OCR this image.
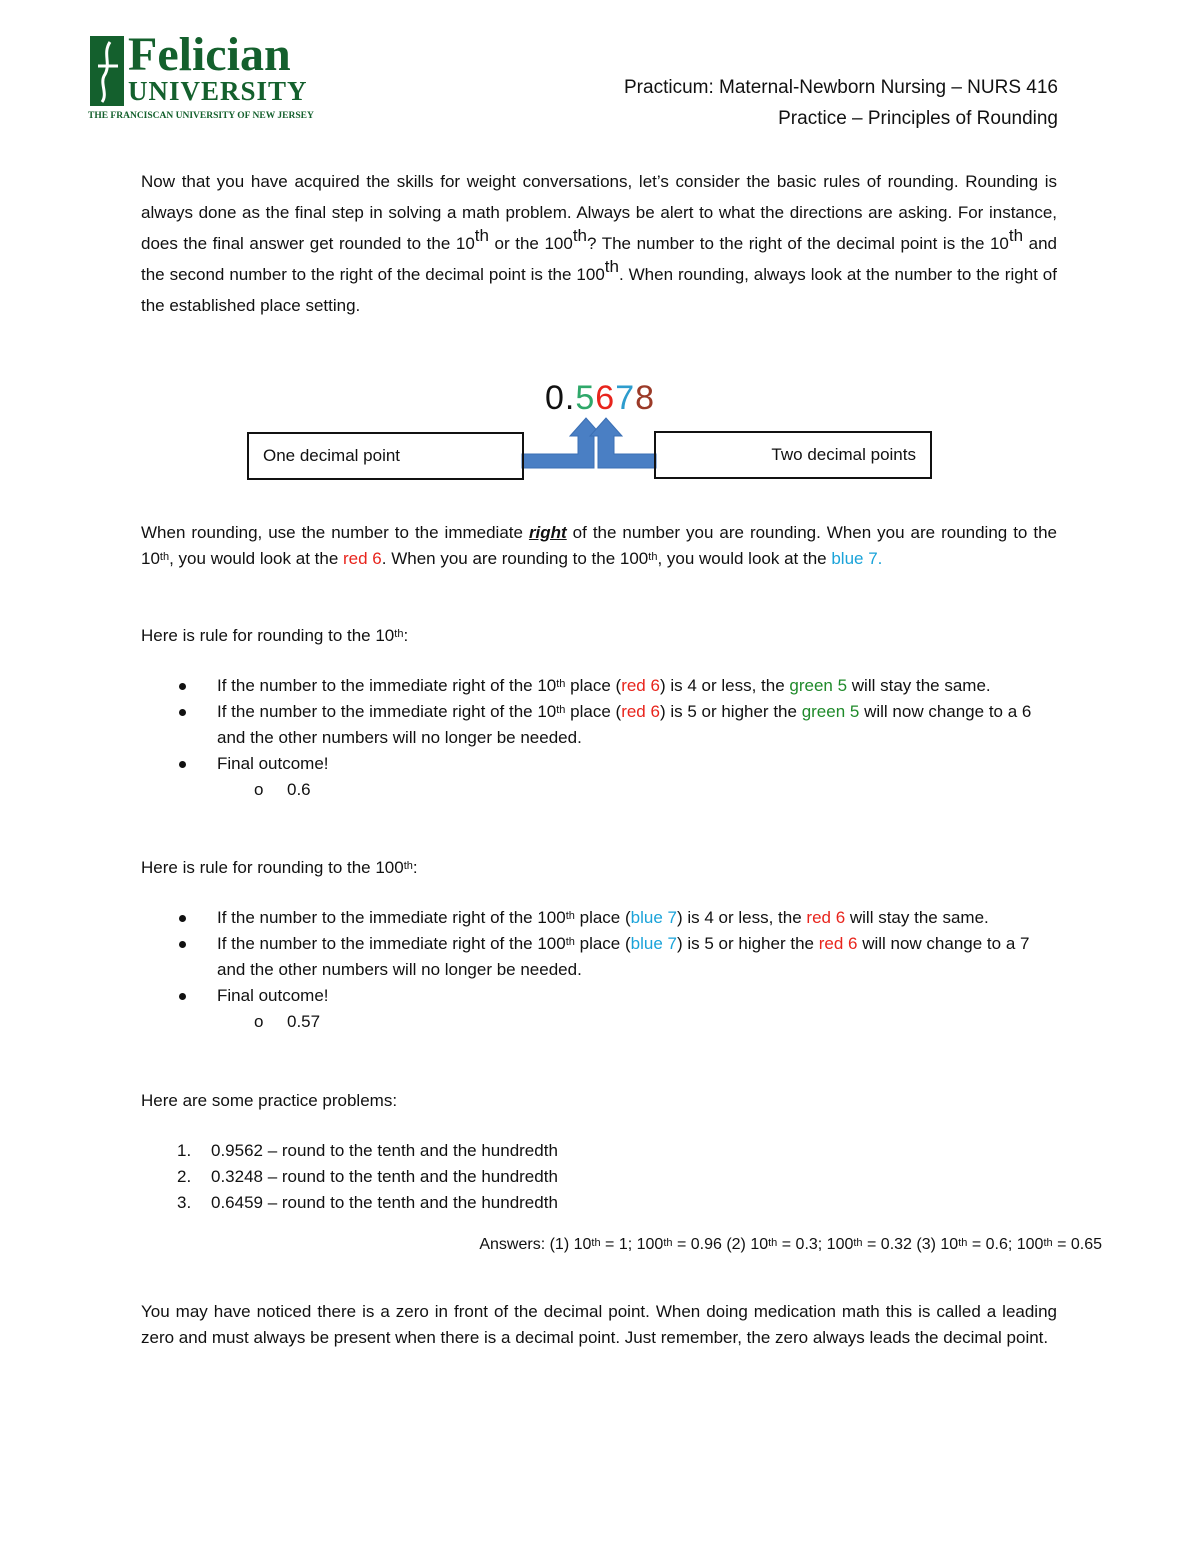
Felician
UNIVERSITY
THE FRANCISCAN UNIVERSITY OF NEW JERSEY
Practicum: Maternal-Newborn Nursing – NURS 416
Practice – Principles of Rounding
Now that you have acquired the skills for weight conversations, let’s consider the basic rules of rounding. Rounding is always done as the final step in solving a math problem. Always be alert to what the directions are asking. For instance, does the final answer get rounded to the 10th or the 100th? The number to the right of the decimal point is the 10th and the second number to the right of the decimal point is the 100th. When rounding, always look at the number to the right of the established place setting.
0.5678
One decimal point	Two decimal points
When rounding, use the number to the immediate right of the number you are rounding. When you are rounding to the 10th, you would look at the red 6. When you are rounding to the 100th, you would look at the blue 7.
Here is rule for rounding to the 10th:
If the number to the immediate right of the 10th place (red 6) is 4 or less, the green 5 will stay the same.
If the number to the immediate right of the 10th place (red 6) is 5 or higher the green 5 will now change to a 6 and the other numbers will no longer be needed.
Final outcome!
o 0.6
Here is rule for rounding to the 100th:
If the number to the immediate right of the 100th place (blue 7) is 4 or less, the red 6 will stay the same.
If the number to the immediate right of the 100th place (blue 7) is 5 or higher the red 6 will now change to a 7 and the other numbers will no longer be needed.
Final outcome!
o 0.57
Here are some practice problems:
1. 0.9562 – round to the tenth and the hundredth
2. 0.3248 – round to the tenth and the hundredth
3. 0.6459 – round to the tenth and the hundredth
Answers: (1) 10th = 1; 100th = 0.96 (2) 10th = 0.3; 100th = 0.32 (3) 10th = 0.6; 100th = 0.65
You may have noticed there is a zero in front of the decimal point. When doing medication math this is called a leading zero and must always be present when there is a decimal point. Just remember, the zero always leads the decimal point.
